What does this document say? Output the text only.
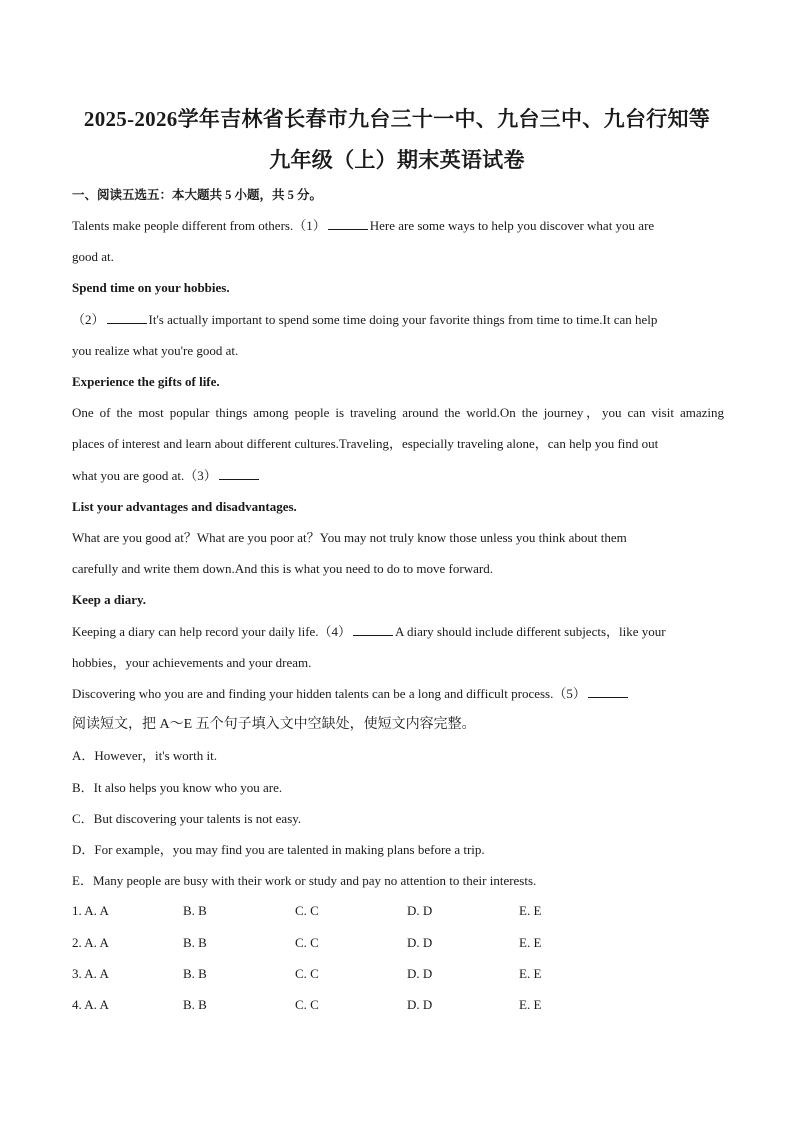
2025-2026学年吉林省长春市九台三十一中、九台三中、九台行知等
九年级（上）期末英语试卷
一、阅读五选五：本大题共 5 小题，共 5 分。
Talents make people different from others.（1）	Here are some ways to help you discover what you are
good at.
Spend time on your hobbies.
（2）	It's actually important to spend some time doing your favorite things from time to time.It can help
you realize what you're good at.
Experience the gifts of life.
One of the most popular things among people is traveling around the world.On the journey，you can visit amazing
places of interest and learn about different cultures.Traveling，especially traveling alone，can help you find out
what you are good at.（3）
List your advantages and disadvantages.
What are you good at？What are you poor at？You may not truly know those unless you think about them
carefully and write them down.And this is what you need to do to move forward.
Keep a diary.
Keeping a diary can help record your daily life.（4）	A diary should include different subjects，like your
hobbies，your achievements and your dream.
Discovering who you are and finding your hidden talents can be a long and difficult process.（5）
阅读短文，把 A～E 五个句子填入文中空缺处，使短文内容完整。
A．However，it's worth it.
B．It also helps you know who you are.
C．But discovering your talents is not easy.
D．For example，you may find you are talented in making plans before a trip.
E．Many people are busy with their work or study and pay no attention to their interests.
1. A. A	B. B	C. C	D. D	E. E
2. A. A	B. B	C. C	D. D	E. E
3. A. A	B. B	C. C	D. D	E. E
4. A. A	B. B	C. C	D. D	E. E
